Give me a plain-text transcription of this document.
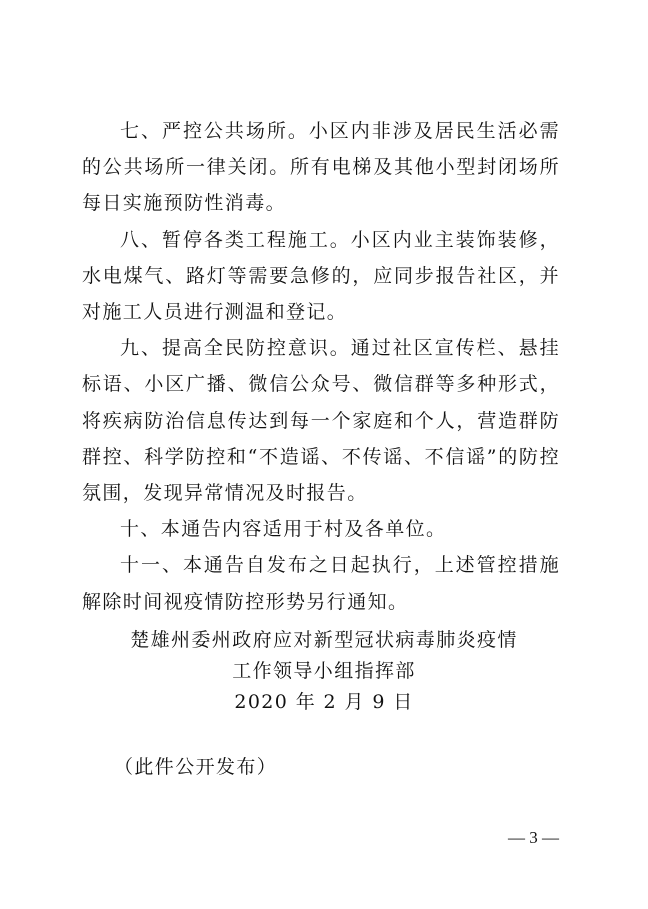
七、严控公共场所。小区内非涉及居民生活必需的公共场所一律关闭。所有电梯及其他小型封闭场所每日实施预防性消毒。

八、暂停各类工程施工。小区内业主装饰装修，水电煤气、路灯等需要急修的，应同步报告社区，并对施工人员进行测温和登记。

九、提高全民防控意识。通过社区宣传栏、悬挂标语、小区广播、微信公众号、微信群等多种形式，将疾病防治信息传达到每一个家庭和个人，营造群防群控、科学防控和“不造谣、不传谣、不信谣”的防控氛围，发现异常情况及时报告。

十、本通告内容适用于村及各单位。

十一、本通告自发布之日起执行，上述管控措施解除时间视疫情防控形势另行通知。

楚雄州委州政府应对新型冠状病毒肺炎疫情
工作领导小组指挥部
2020 年 2 月 9 日
（此件公开发布）
— 3 —
